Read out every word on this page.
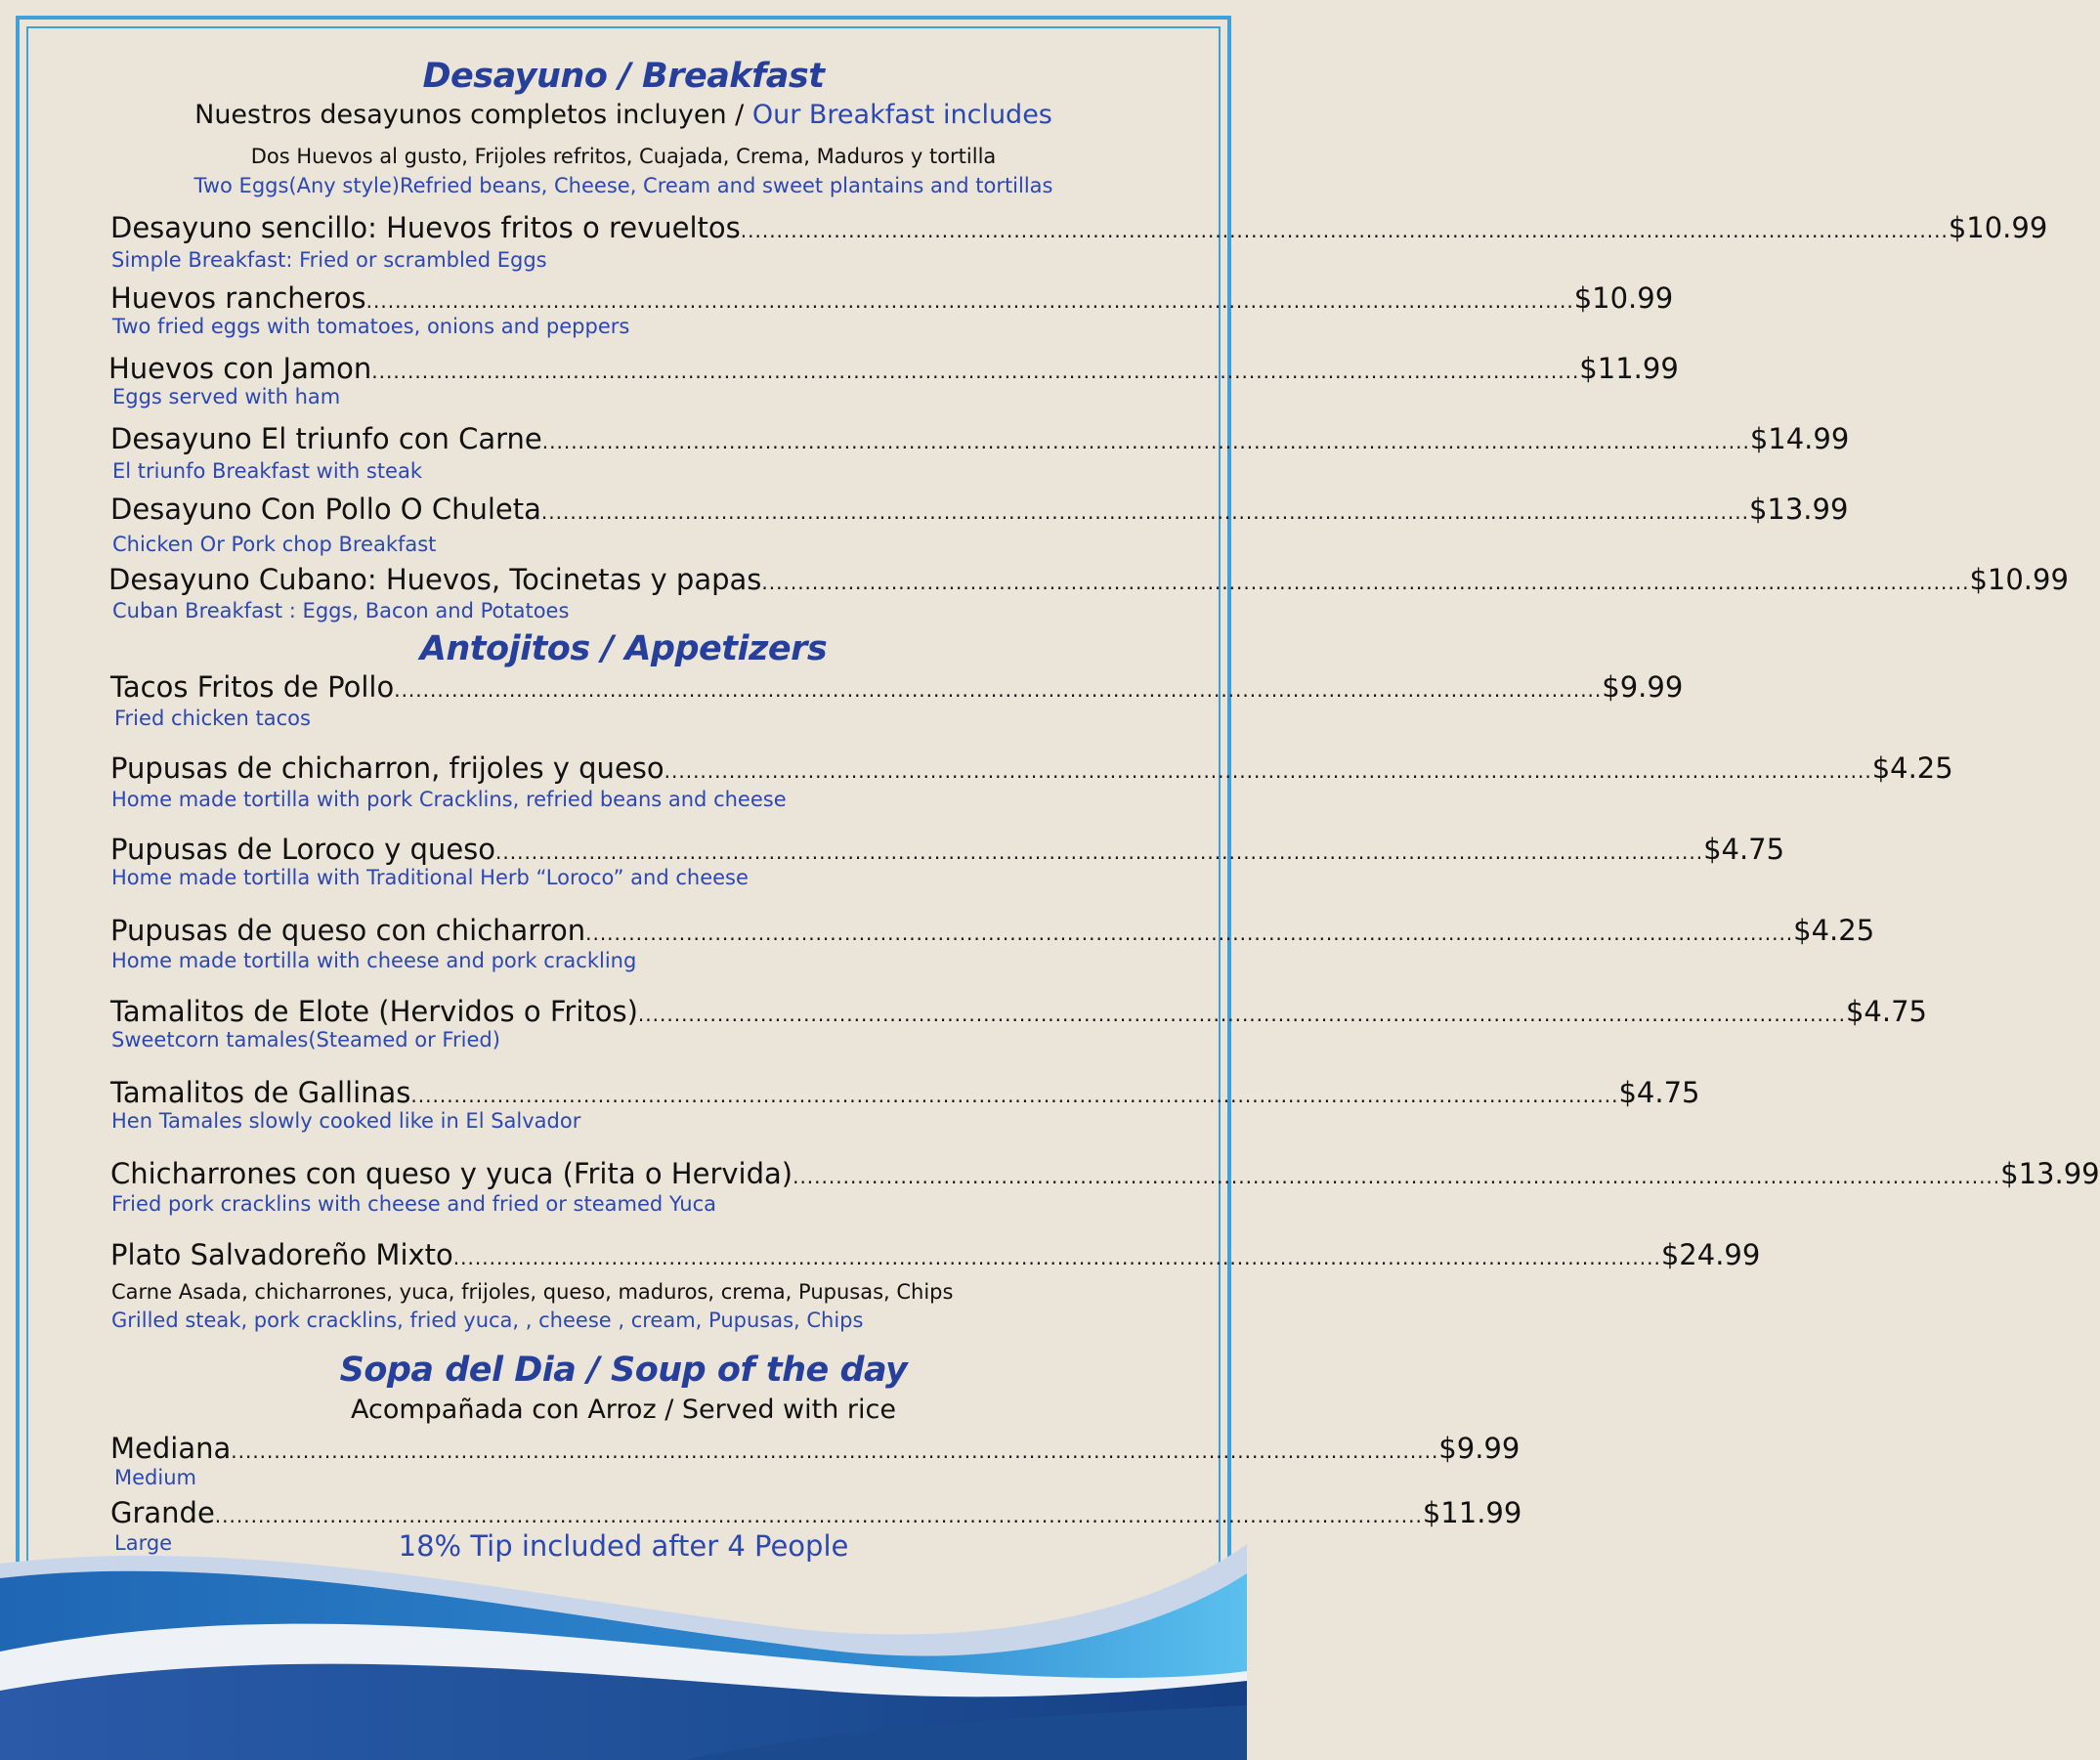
Desayuno / Breakfast
Nuestros desayunos completos incluyen / Our Breakfast includes
Dos Huevos al gusto, Frijoles refritos, Cuajada, Crema, Maduros y tortilla
Two Eggs(Any style)Refried beans, Cheese, Cream and sweet plantains and tortillas
Desayuno sencillo: Huevos fritos o revueltos ........................................................................................................................................................................ $10.99
Simple Breakfast: Fried or scrambled Eggs
Huevos rancheros ........................................................................................................................................................................ $10.99
Two fried eggs with tomatoes, onions and peppers
Huevos con Jamon ........................................................................................................................................................................ $11.99
Eggs served with ham
Desayuno El triunfo con Carne ........................................................................................................................................................................ $14.99
El triunfo Breakfast with steak
Desayuno Con Pollo O Chuleta ........................................................................................................................................................................ $13.99
Chicken Or Pork chop Breakfast
Desayuno Cubano: Huevos, Tocinetas y papas ........................................................................................................................................................................ $10.99
Cuban Breakfast : Eggs, Bacon and Potatoes
Antojitos / Appetizers
Tacos Fritos de Pollo ........................................................................................................................................................................ $9.99
Fried chicken tacos
Pupusas de chicharron, frijoles y queso ........................................................................................................................................................................ $4.25
Home made tortilla with pork Cracklins, refried beans and cheese
Pupusas de Loroco y queso ........................................................................................................................................................................ $4.75
Home made tortilla with Traditional Herb “Loroco” and cheese
Pupusas de queso con chicharron ........................................................................................................................................................................ $4.25
Home made tortilla with cheese and pork crackling
Tamalitos de Elote (Hervidos o Fritos) ........................................................................................................................................................................ $4.75
Sweetcorn tamales(Steamed or Fried)
Tamalitos de Gallinas ........................................................................................................................................................................ $4.75
Hen Tamales slowly cooked like in El Salvador
Chicharrones con queso y yuca (Frita o Hervida) ........................................................................................................................................................................ $13.99
Fried pork cracklins with cheese and fried or steamed Yuca
Plato Salvadoreño Mixto ........................................................................................................................................................................ $24.99
Carne Asada, chicharrones, yuca, frijoles, queso, maduros, crema, Pupusas, Chips
Grilled steak, pork cracklins, fried yuca, , cheese , cream, Pupusas, Chips
Sopa del Dia / Soup of the day
Acompañada con Arroz / Served with rice
Mediana ........................................................................................................................................................................ $9.99
Medium
Grande ........................................................................................................................................................................ $11.99
Large	18% Tip included after 4 People
